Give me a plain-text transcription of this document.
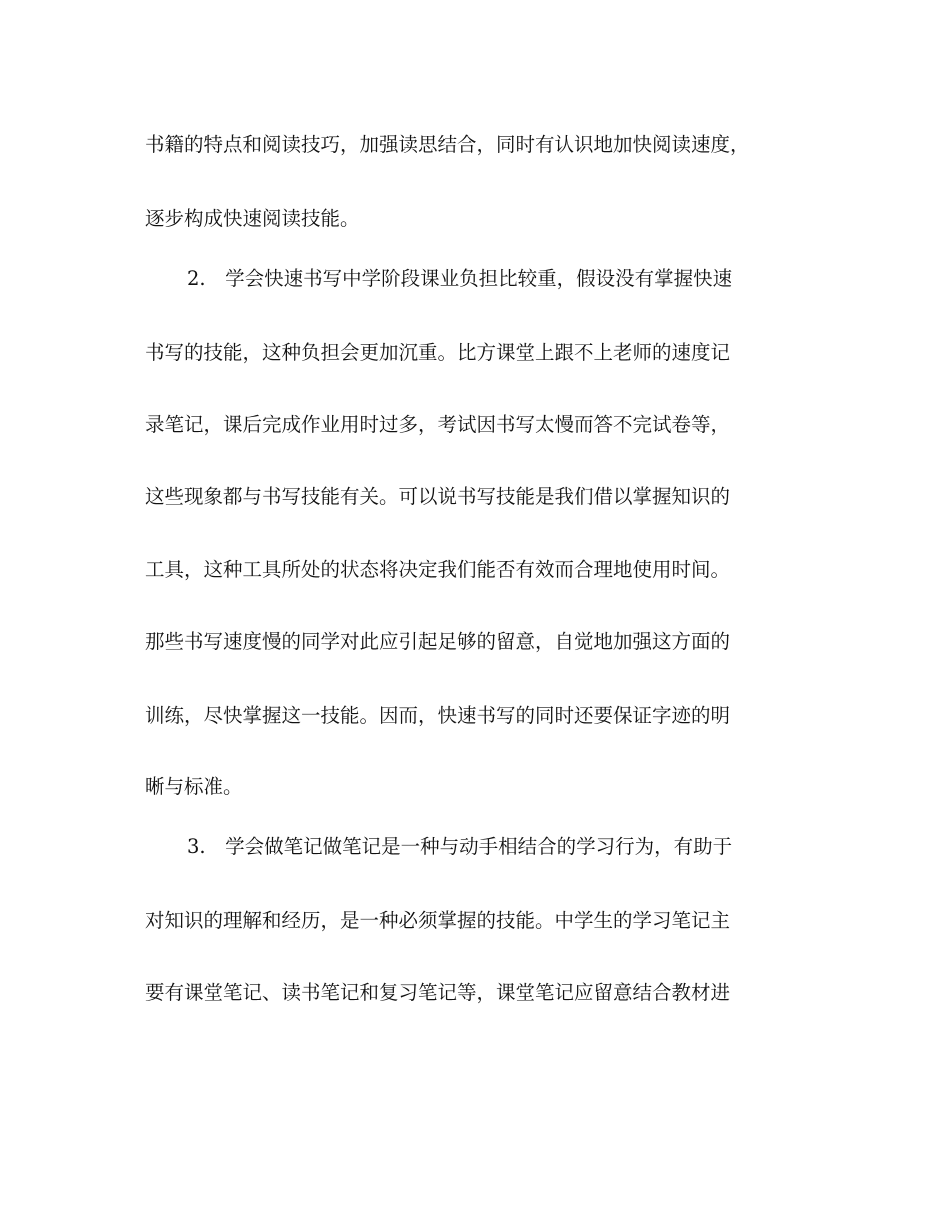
书籍的特点和阅读技巧，加强读思结合，同时有认识地加快阅读速度，
逐步构成快速阅读技能。
2.　学会快速书写中学阶段课业负担比较重，假设没有掌握快速
书写的技能，这种负担会更加沉重。比方课堂上跟不上老师的速度记
录笔记，课后完成作业用时过多，考试因书写太慢而答不完试卷等，
这些现象都与书写技能有关。可以说书写技能是我们借以掌握知识的
工具，这种工具所处的状态将决定我们能否有效而合理地使用时间。
那些书写速度慢的同学对此应引起足够的留意，自觉地加强这方面的
训练，尽快掌握这一技能。因而，快速书写的同时还要保证字迹的明
晰与标准。
3.　学会做笔记做笔记是一种与动手相结合的学习行为，有助于
对知识的理解和经历，是一种必须掌握的技能。中学生的学习笔记主
要有课堂笔记、读书笔记和复习笔记等，课堂笔记应留意结合教材进
